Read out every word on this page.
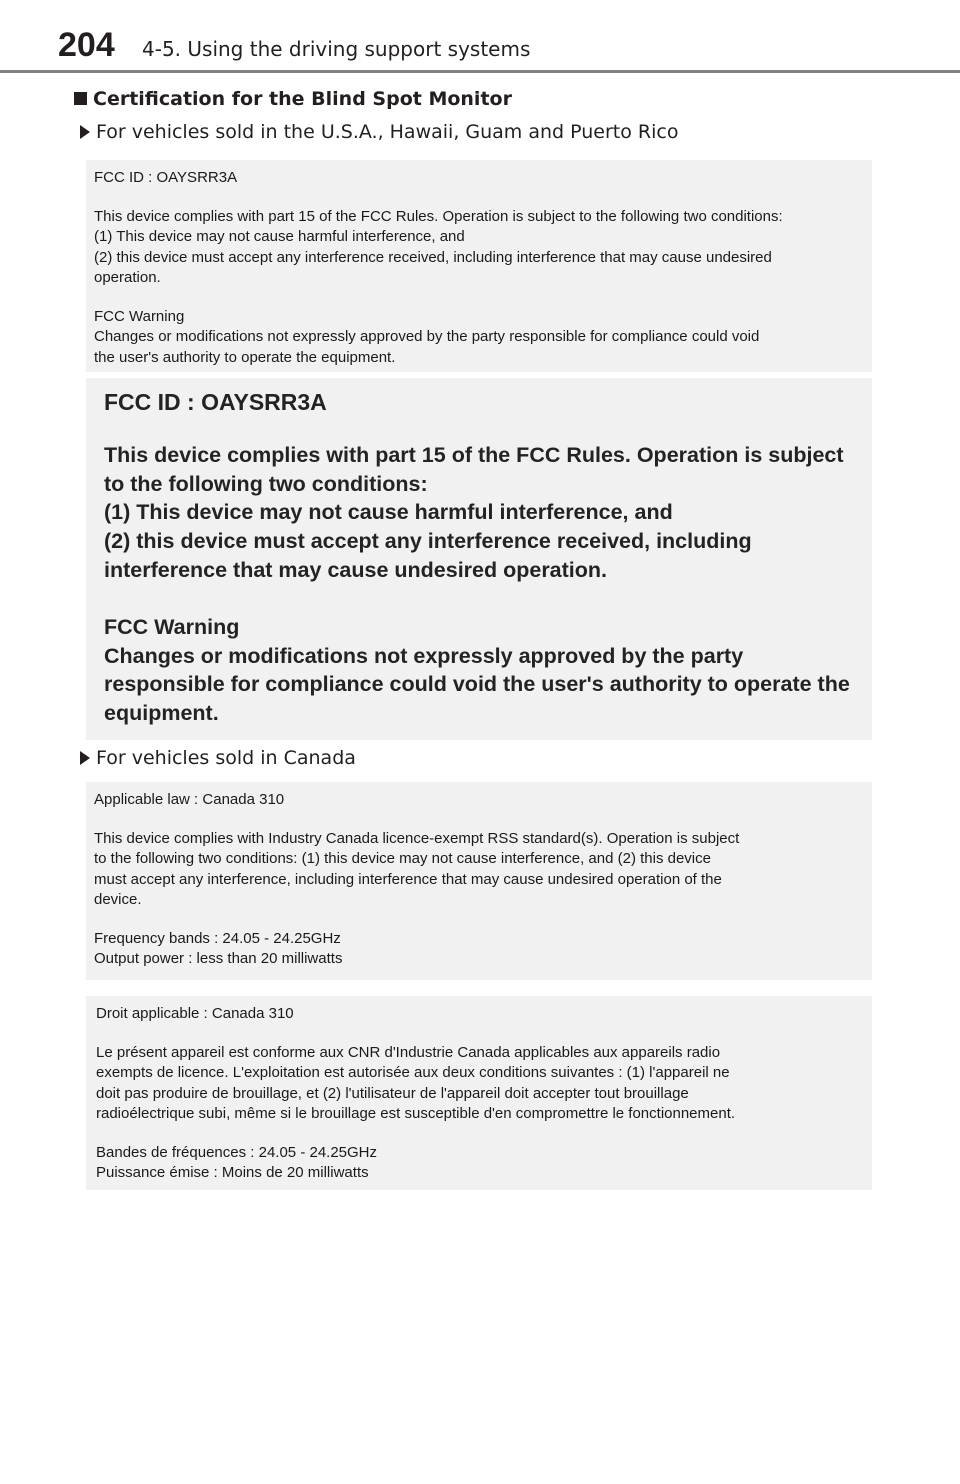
204 4-5. Using the driving support systems
Certification for the Blind Spot Monitor
For vehicles sold in the U.S.A., Hawaii, Guam and Puerto Rico

FCC ID : OAYSRR3A

This device complies with part 15 of the FCC Rules. Operation is subject to the following two conditions:

(1) This device may not cause harmful interference, and

(2) this device must accept any interference received, including interference that may cause undesired

operation.

FCC Warning

Changes or modifications not expressly approved by the party responsible for compliance could void

the user's authority to operate the equipment.

FCC ID : OAYSRR3A

This device complies with part 15 of the FCC Rules. Operation is subject

to the following two conditions:

(1) This device may not cause harmful interference, and

(2) this device must accept any interference received, including

interference that may cause undesired operation.

FCC Warning

Changes or modifications not expressly approved by the party

responsible for compliance could void the user's authority to operate the

equipment.

For vehicles sold in Canada

Applicable law : Canada 310

This device complies with Industry Canada licence-exempt RSS standard(s). Operation is subject

to the following two conditions: (1) this device may not cause interference, and (2) this device

must accept any interference, including interference that may cause undesired operation of the

device.

Frequency bands : 24.05 - 24.25GHz

Output power : less than 20 milliwatts

Droit applicable : Canada 310

Le présent appareil est conforme aux CNR d'Industrie Canada applicables aux appareils radio

exempts de licence. L'exploitation est autorisée aux deux conditions suivantes : (1) l'appareil ne

doit pas produire de brouillage, et (2) l'utilisateur de l'appareil doit accepter tout brouillage

radioélectrique subi, même si le brouillage est susceptible d'en compromettre le fonctionnement.

Bandes de fréquences : 24.05 - 24.25GHz

Puissance émise : Moins de 20 milliwatts
